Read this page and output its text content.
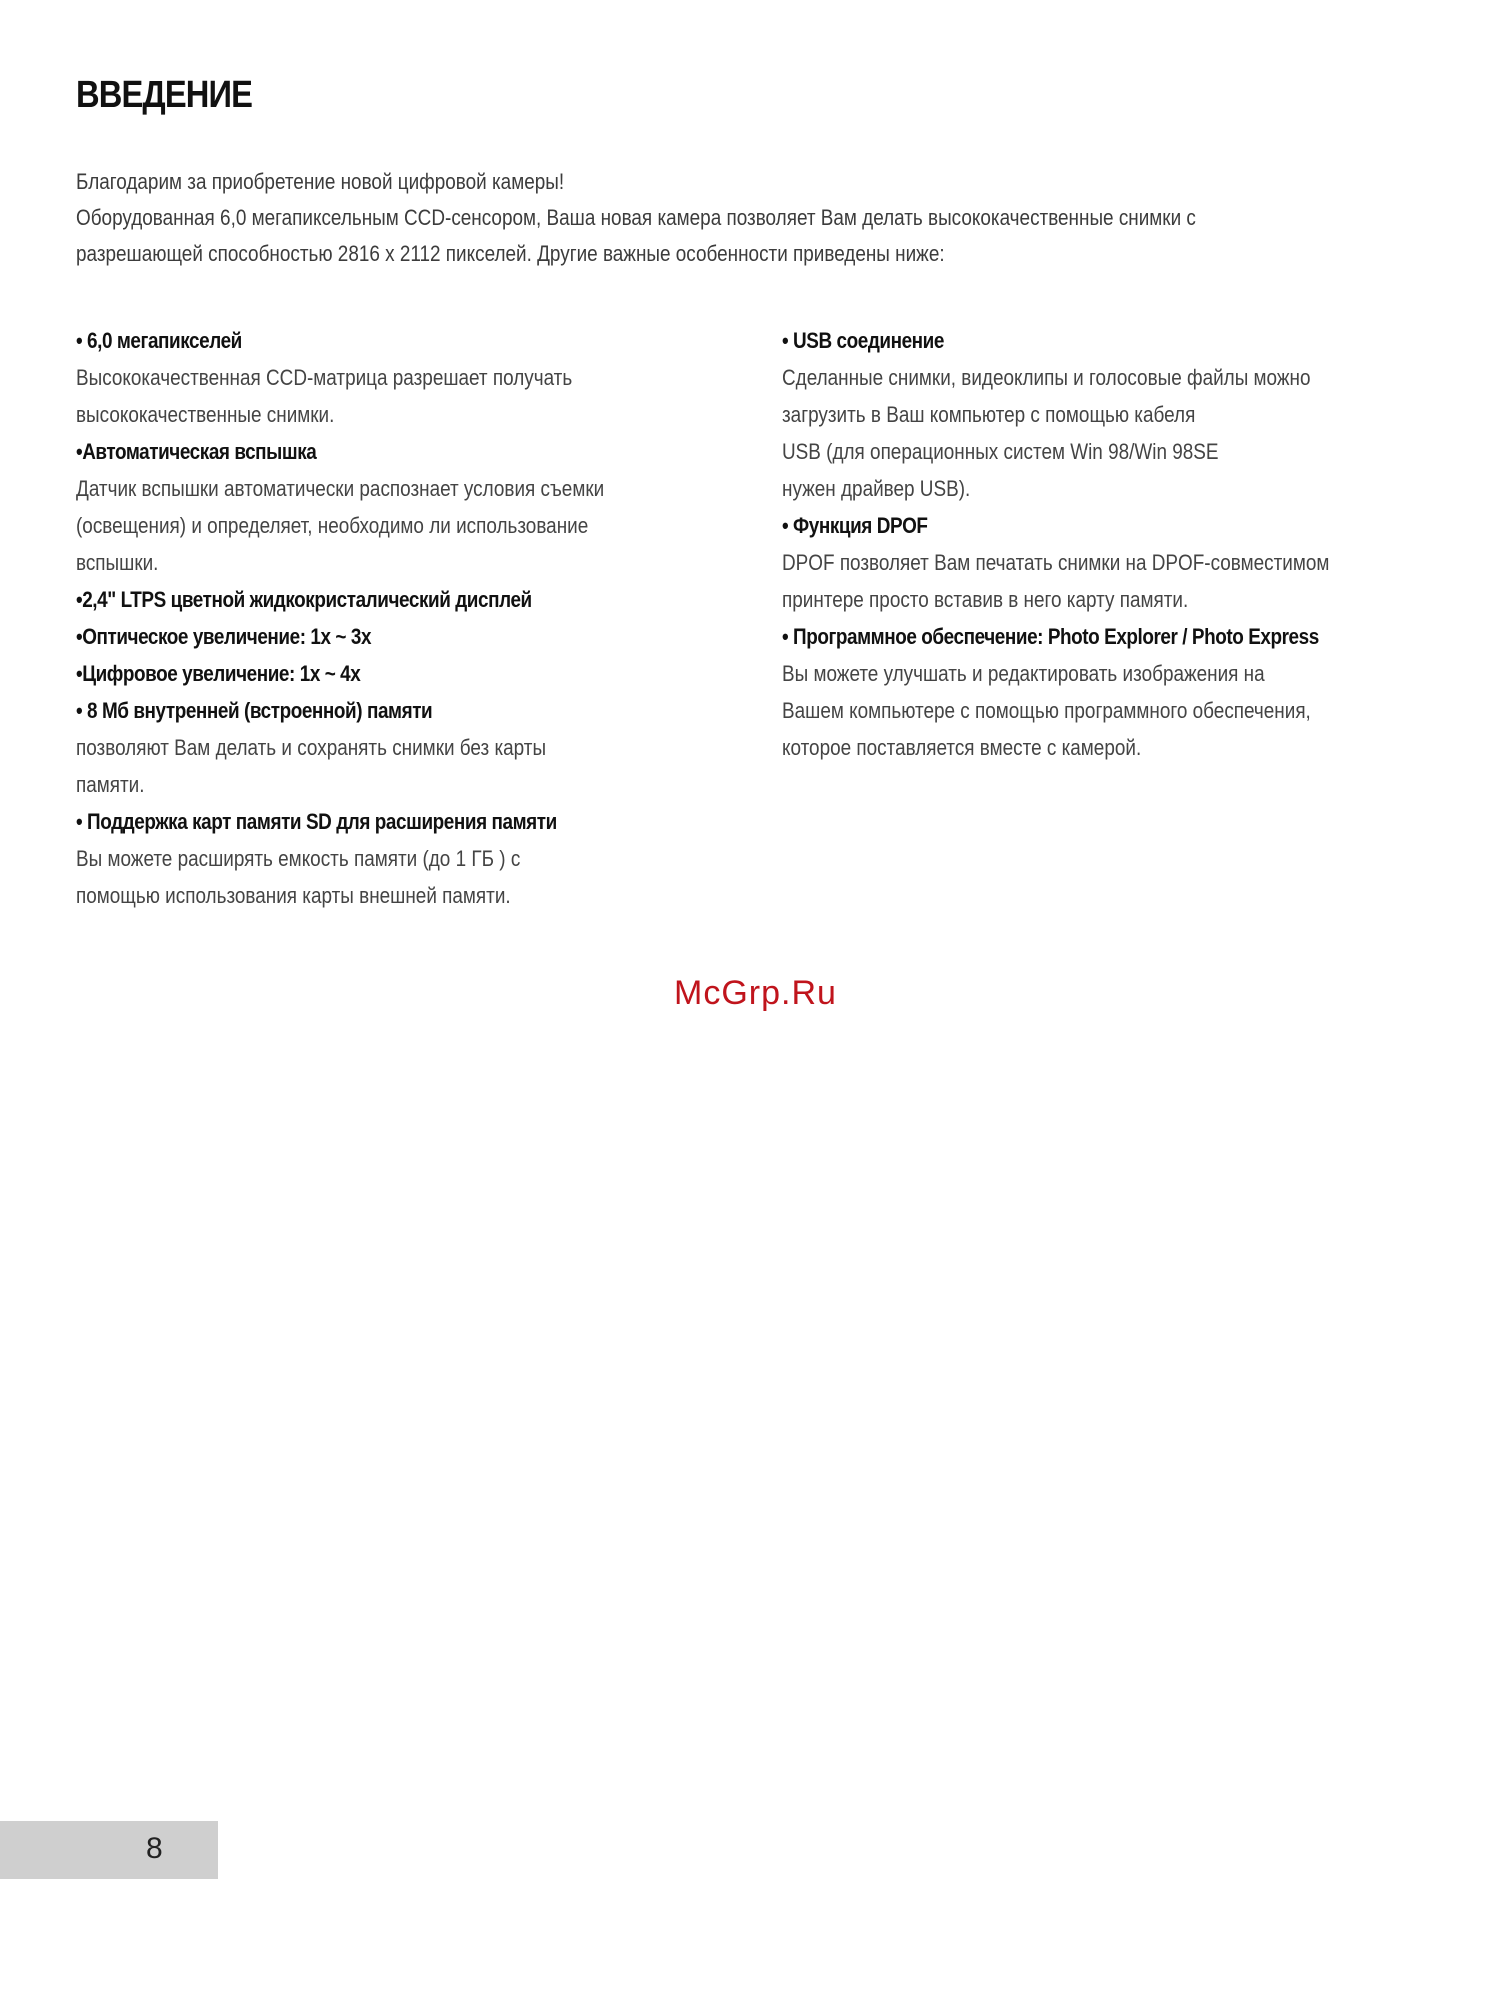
ВВЕДЕНИЕ

Благодарим за приобретение новой цифровой камеры!

Оборудованная 6,0 мегапиксельным CCD-сенсором, Ваша новая камера позволяет Вам делать высококачественные снимки с

разрешающей способностью 2816 x 2112 пикселей. Другие важные особенности приведены ниже:

• 6,0 мегапикселей

Высококачественная CCD-матрица разрешает получать
высококачественные снимки.

•Автоматическая вспышка

Датчик вспышки автоматически распознает условия съемки
(освещения) и определяет, необходимо ли использование
вспышки.

•2,4" LTPS цветной жидкокристалический дисплей

•Оптическое увеличение: 1x ~ 3x

•Цифровое увеличение: 1x ~ 4x

• 8 Мб внутренней (встроенной) памяти

позволяют Вам делать и сохранять снимки без карты
памяти.

• Поддержка карт памяти SD для расширения памяти

Вы можете расширять емкость памяти (до 1 ГБ ) с
помощью использования карты внешней памяти.

• USB соединение

Сделанные снимки, видеоклипы и голосовые файлы можно
загрузить в Ваш компьютер с помощью кабеля
USB (для операционных систем Win 98/Win 98SE
нужен драйвер USB).

• Функция DPOF

DPOF позволяет Вам печатать снимки на DPOF-совместимом
принтере просто вставив в него карту памяти.

• Программное обеспечение: Photo Explorer / Photo Express

Вы можете улучшать и редактировать изображения на
Вашем компьютере с помощью программного обеспечения,
которое поставляется вместе с камерой.

McGrp.Ru
8
